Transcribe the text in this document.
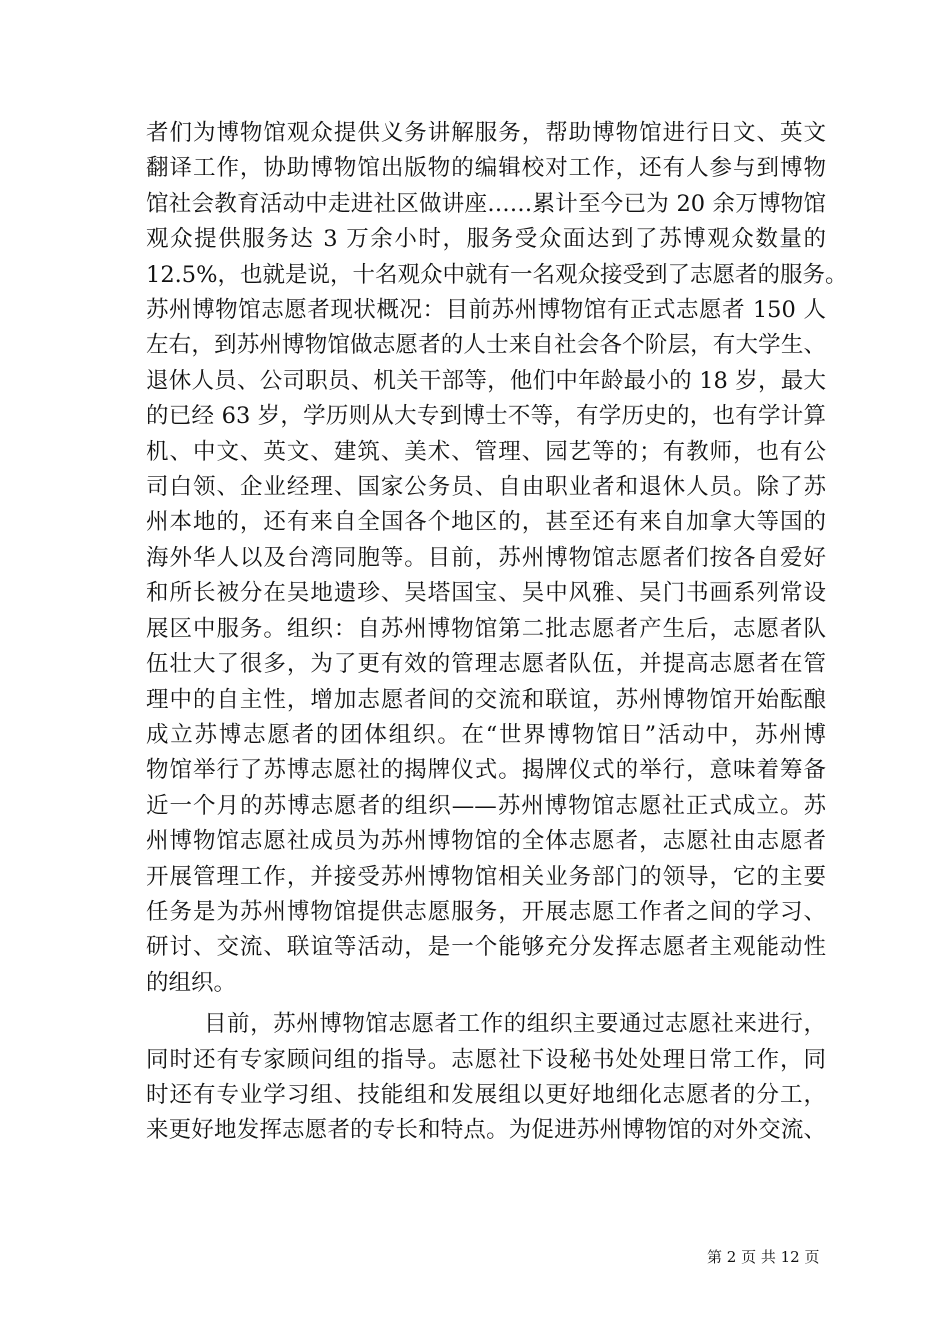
者们为博物馆观众提供义务讲解服务，帮助博物馆进行日文、英文
翻译工作，协助博物馆出版物的编辑校对工作，还有人参与到博物
馆社会教育活动中走进社区做讲座……累计至今已为 20 余万博物馆
观众提供服务达 3 万余小时，服务受众面达到了苏博观众数量的
12.5%，也就是说，十名观众中就有一名观众接受到了志愿者的服务。
苏州博物馆志愿者现状概况：目前苏州博物馆有正式志愿者 150 人
左右，到苏州博物馆做志愿者的人士来自社会各个阶层，有大学生、
退休人员、公司职员、机关干部等，他们中年龄最小的 18 岁，最大
的已经 63 岁，学历则从大专到博士不等，有学历史的，也有学计算
机、中文、英文、建筑、美术、管理、园艺等的；有教师，也有公
司白领、企业经理、国家公务员、自由职业者和退休人员。除了苏
州本地的，还有来自全国各个地区的，甚至还有来自加拿大等国的
海外华人以及台湾同胞等。目前，苏州博物馆志愿者们按各自爱好
和所长被分在吴地遗珍、吴塔国宝、吴中风雅、吴门书画系列常设
展区中服务。组织：自苏州博物馆第二批志愿者产生后，志愿者队
伍壮大了很多，为了更有效的管理志愿者队伍，并提高志愿者在管
理中的自主性，增加志愿者间的交流和联谊，苏州博物馆开始酝酿
成立苏博志愿者的团体组织。在“世界博物馆日”活动中，苏州博
物馆举行了苏博志愿社的揭牌仪式。揭牌仪式的举行，意味着筹备
近一个月的苏博志愿者的组织——苏州博物馆志愿社正式成立。苏
州博物馆志愿社成员为苏州博物馆的全体志愿者，志愿社由志愿者
开展管理工作，并接受苏州博物馆相关业务部门的领导，它的主要
任务是为苏州博物馆提供志愿服务，开展志愿工作者之间的学习、
研讨、交流、联谊等活动，是一个能够充分发挥志愿者主观能动性
的组织。
目前，苏州博物馆志愿者工作的组织主要通过志愿社来进行，
同时还有专家顾问组的指导。志愿社下设秘书处处理日常工作，同
时还有专业学习组、技能组和发展组以更好地细化志愿者的分工，
来更好地发挥志愿者的专长和特点。为促进苏州博物馆的对外交流、
第 2 页 共 12 页
